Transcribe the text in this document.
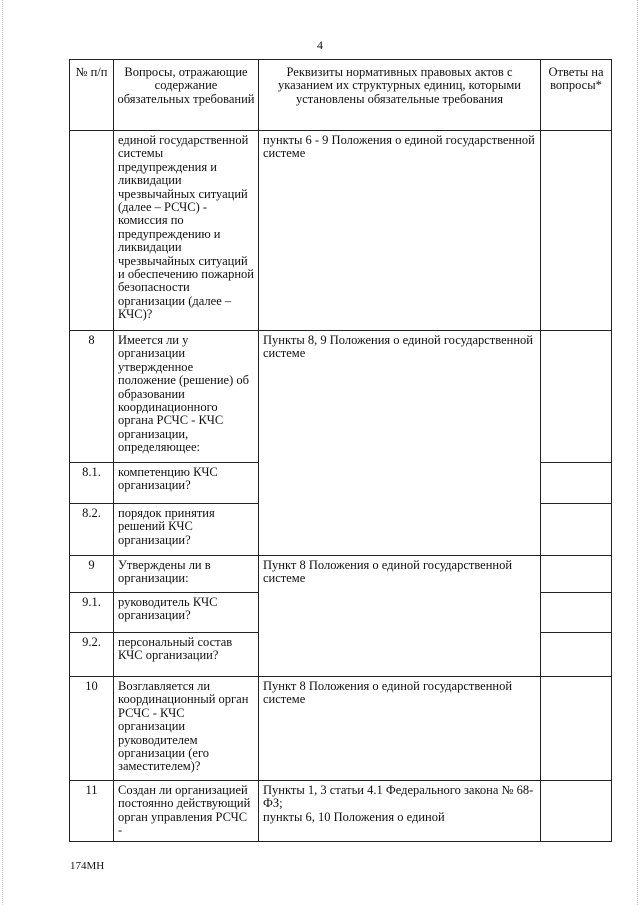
4
№ п/п	Вопросы, отражающие содержание обязательных требований	Реквизиты нормативных правовых актов с указанием их структурных единиц, которыми установлены обязательные требования	Ответы на вопросы*
	единой государственной системы предупреждения и ликвидации чрезвычайных ситуаций (далее – РСЧС) - комиссия по предупреждению и ликвидации чрезвычайных ситуаций и обеспечению пожарной безопасности организации (далее – КЧС)?	пункты 6 - 9 Положения о единой государственной системе	
8	Имеется ли у организации утвержденное положение (решение) об образовании координационного органа РСЧС - КЧС организации, определяющее:	Пункты 8, 9 Положения о единой государственной системе	
8.1.	компетенцию КЧС организации?		
8.2.	порядок принятия решений КЧС организации?		
9	Утверждены ли в организации:	Пункт 8 Положения о единой государственной системе	
9.1.	руководитель КЧС организации?		
9.2.	персональный состав КЧС организации?		
10	Возглавляется ли координационный орган РСЧС - КЧС организации руководителем организации (его заместителем)?	Пункт 8 Положения о единой государственной системе	
11	Создан ли организацией постоянно действующий орган управления РСЧС -	Пункты 1, 3 статьи 4.1 Федерального закона № 68-ФЗ;
пункты 6, 10 Положения о единой	

174МН
